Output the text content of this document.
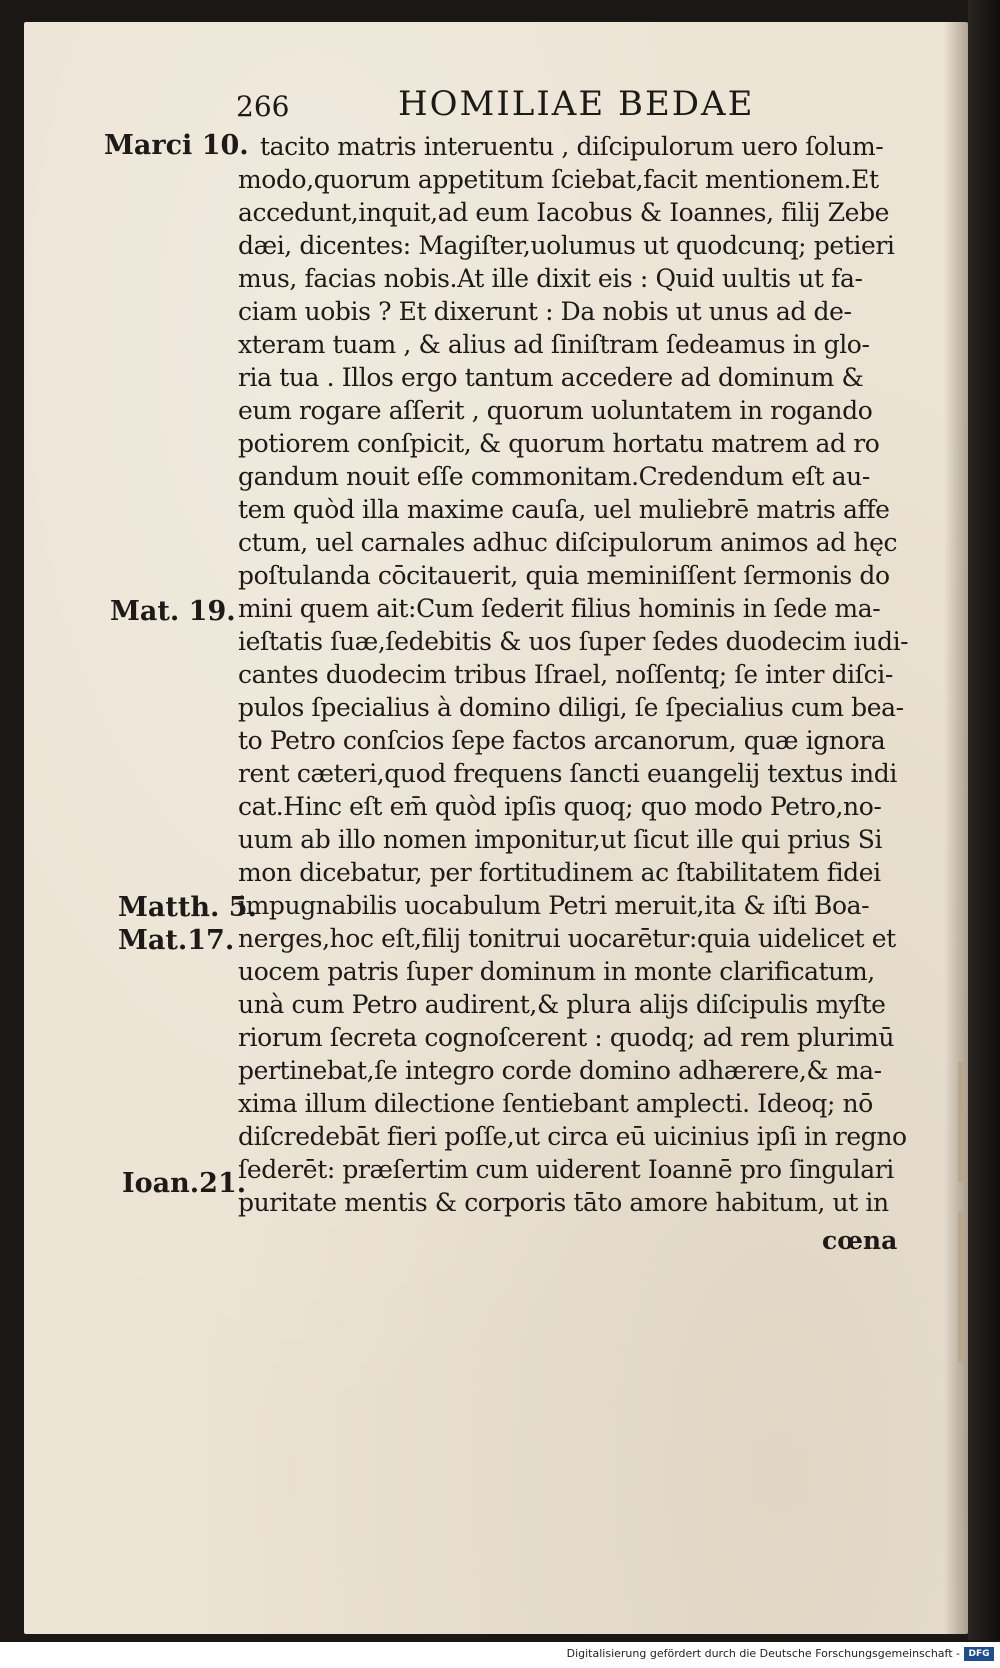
266	HOMILIAE BEDAE
tacito matris interuentu , diſcipulorum uero ſolum-
modo,quorum appetitum ſciebat,facit mentionem.Et
accedunt,inquit,ad eum Iacobus & Ioannes, filij Zebe
dæi, dicentes: Magiſter,uolumus ut quodcunq; petieri
mus, facias nobis.At ille dixit eis : Quid uultis ut fa-
ciam uobis ? Et dixerunt : Da nobis ut unus ad de-
xteram tuam , & alius ad ſiniſtram ſedeamus in glo-
ria tua . Illos ergo tantum accedere ad dominum &
eum rogare aſſerit , quorum uoluntatem in rogando
potiorem conſpicit, & quorum hortatu matrem ad ro
gandum nouit eſſe commonitam.Credendum eſt au-
tem quòd illa maxime cauſa, uel muliebrē matris affe
ctum, uel carnales adhuc diſcipulorum animos ad hęc
poſtulanda cōcitauerit, quia meminiſſent ſermonis do
mini quem ait:Cum ſederit filius hominis in ſede ma-
ieſtatis ſuæ,ſedebitis & uos ſuper ſedes duodecim iudi-
cantes duodecim tribus Iſrael, noſſentq; ſe inter diſci-
pulos ſpecialius à domino diligi, ſe ſpecialius cum bea-
to Petro conſcios ſepe factos arcanorum, quæ ignora
rent cæteri,quod frequens ſancti euangelij textus indi
cat.Hinc eſt em̄ quòd ipſis quoq; quo modo Petro,no-
uum ab illo nomen imponitur,ut ſicut ille qui prius Si
mon dicebatur, per fortitudinem ac ſtabilitatem fidei
impugnabilis uocabulum Petri meruit,ita & iſti Boa-
nerges,hoc eſt,filij tonitrui uocarētur:quia uidelicet et
uocem patris ſuper dominum in monte clarificatum,
unà cum Petro audirent,& plura alijs diſcipulis myſte
riorum ſecreta cognoſcerent : quodq; ad rem plurimū
pertinebat,ſe integro corde domino adhærere,& ma-
xima illum dilectione ſentiebant amplecti. Ideoq; nō
diſcredebāt fieri poſſe,ut circa eū uicinius ipſi in regno
ſederēt: præſertim cum uiderent Ioannē pro ſingulari
puritate mentis & corporis tāto amore habitum, ut in
Marci 10.
Mat. 19.
Matth. 5.
Mat.17.
Ioan.21.
cœna
Digitalisierung gefördert durch die Deutsche Forschungsgemeinschaft - DFG
